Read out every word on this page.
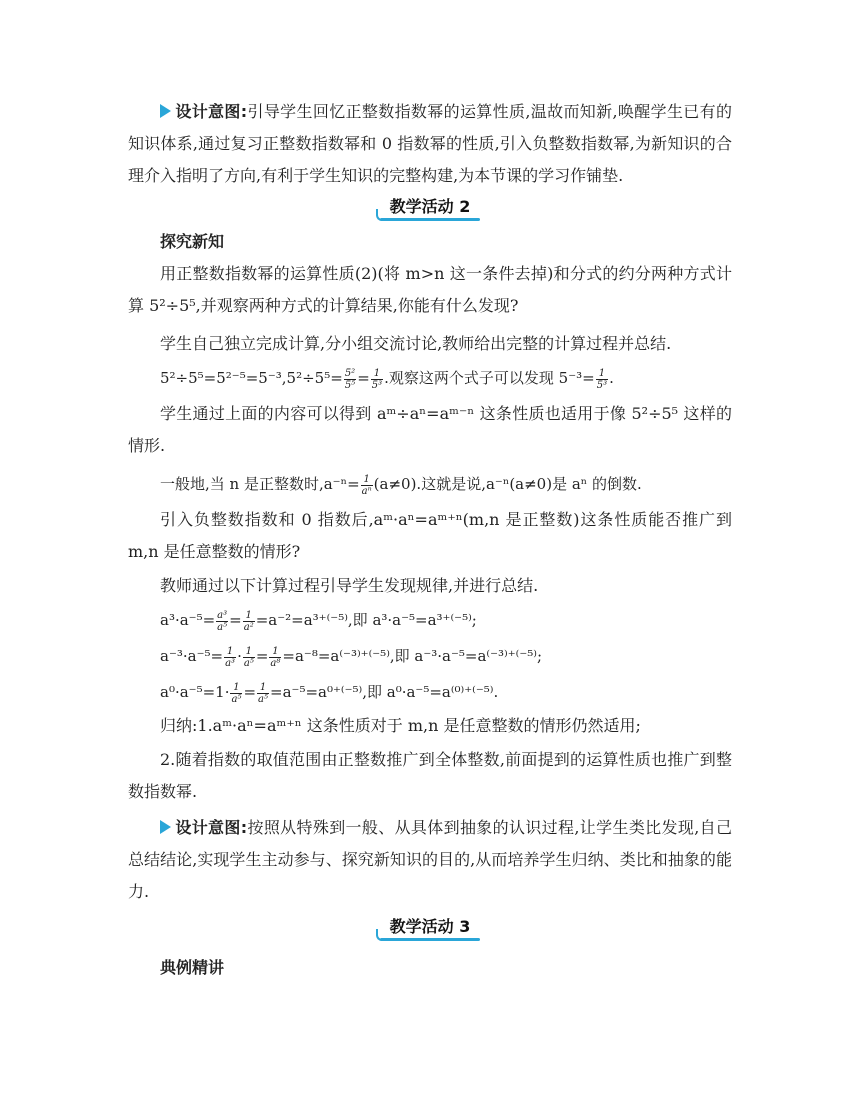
设计意图:引导学生回忆正整数指数幂的运算性质,温故而知新,唤醒学生已有的知识体系,通过复习正整数指数幂和 0 指数幂的性质,引入负整数指数幂,为新知识的合理介入指明了方向,有利于学生知识的完整构建,为本节课的学习作铺垫.

教学活动 2

探究新知

用正整数指数幂的运算性质(2)(将 m>n 这一条件去掉)和分式的约分两种方式计算 5²÷5⁵,并观察两种方式的计算结果,你能有什么发现?

学生自己独立完成计算,分小组交流讨论,教师给出完整的计算过程并总结.

$5^2\div 5^5=5^{2-5}=5^{-3},5^2\div 5^5= \frac{\text{5²}}{\text{5⁵}} = \frac{1}{\text{5³}}$ .观察这两个式子可以发现 $5^{-3}= \frac{1}{\text{5³}}$ .

学生通过上面的内容可以得到 aᵐ÷aⁿ=aᵐ⁻ⁿ 这条性质也适用于像 5²÷5⁵ 这样的情形.

一般地,当 n 是正整数时$,a^{-n}= \frac{1}{\text{aⁿ}} (a\ne 0)$.这就是说,a⁻ⁿ(a≠0)是 aⁿ 的倒数.

引入负整数指数和 0 指数后,aᵐ·aⁿ=aᵐ⁺ⁿ(m,n 是正整数)这条性质能否推广到 m,n 是任意整数的情形?

教师通过以下计算过程引导学生发现规律,并进行总结.

$a^3\cdot a^{-5}= \frac{\text{a³}}{\text{a⁵}} = \frac{1}{\text{a²}} =a^{-2}=a^{3+(-5)}$,即 a³·a⁻⁵=a³⁺⁽⁻⁵⁾;

$a^{-3}\cdot a^{-5}= \frac{1}{\text{a³}} \cdot \frac{1}{\text{a⁵}} = \frac{1}{\text{a⁸}} =a^{-8}=a^{(-3)+(-5)}$,即 a⁻³·a⁻⁵=a⁽⁻³⁾⁺⁽⁻⁵⁾;

$a^0\cdot a^{-5}=1\cdot \frac{1}{\text{a⁵}} = \frac{1}{\text{a⁵}} =a^{-5}=a^{0+(-5)}$,即 a⁰·a⁻⁵=a⁽⁰⁾⁺⁽⁻⁵⁾.

归纳:1.aᵐ·aⁿ=aᵐ⁺ⁿ 这条性质对于 m,n 是任意整数的情形仍然适用;

2.随着指数的取值范围由正整数推广到全体整数,前面提到的运算性质也推广到整数指数幂.

设计意图:按照从特殊到一般、从具体到抽象的认识过程,让学生类比发现,自己总结结论,实现学生主动参与、探究新知识的目的,从而培养学生归纳、类比和抽象的能力.

教学活动 3

典例精讲
